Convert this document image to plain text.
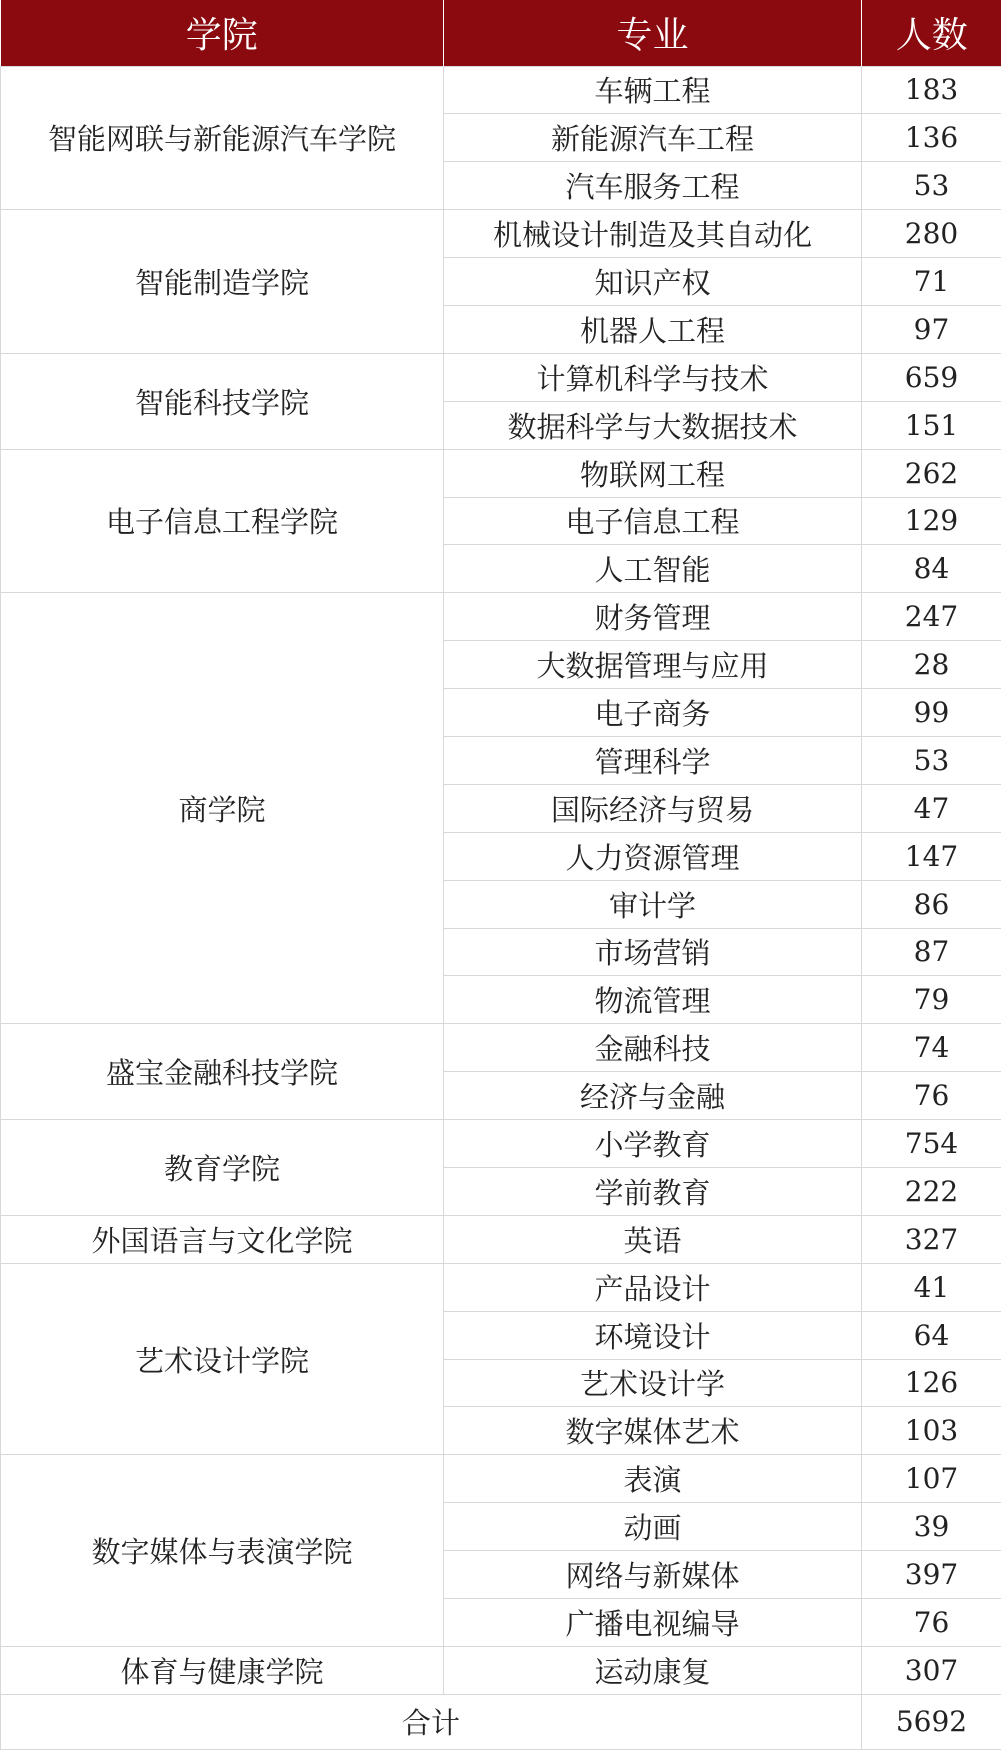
学院	专业	人数
智能网联与新能源汽车学院	车辆工程	183
	新能源汽车工程	136
	汽车服务工程	53
智能制造学院	机械设计制造及其自动化	280
	知识产权	71
	机器人工程	97
智能科技学院	计算机科学与技术	659
	数据科学与大数据技术	151
电子信息工程学院	物联网工程	262
	电子信息工程	129
	人工智能	84
商学院	财务管理	247
	大数据管理与应用	28
	电子商务	99
	管理科学	53
	国际经济与贸易	47
	人力资源管理	147
	审计学	86
	市场营销	87
	物流管理	79
盛宝金融科技学院	金融科技	74
	经济与金融	76
教育学院	小学教育	754
	学前教育	222
外国语言与文化学院	英语	327
艺术设计学院	产品设计	41
	环境设计	64
	艺术设计学	126
	数字媒体艺术	103
数字媒体与表演学院	表演	107
	动画	39
	网络与新媒体	397
	广播电视编导	76
体育与健康学院	运动康复	307
合计		5692
